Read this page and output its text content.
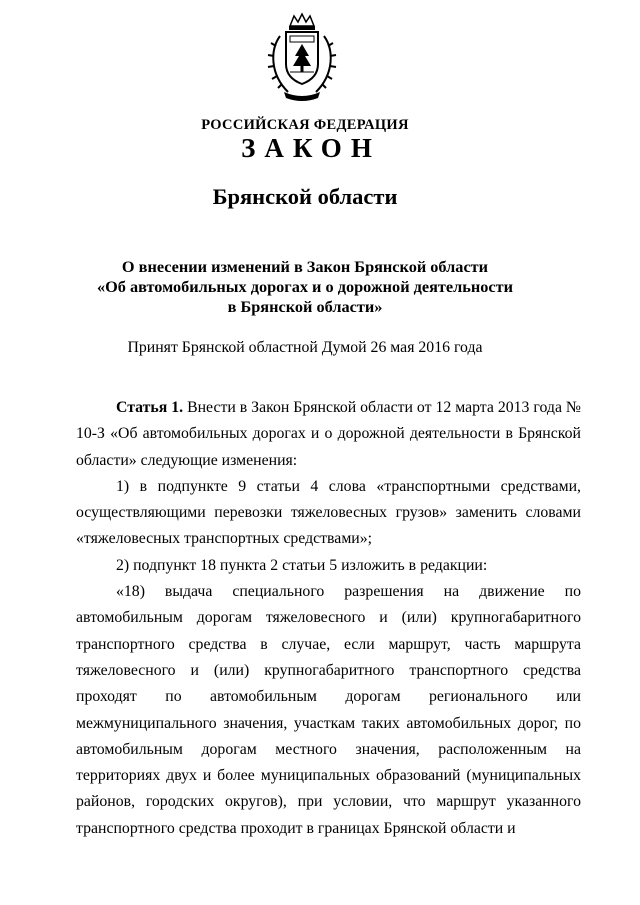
РОССИЙСКАЯ ФЕДЕРАЦИЯ
ЗАКОН
Брянской области
О внесении изменений в Закон Брянской области
«Об автомобильных дорогах и о дорожной деятельности
в Брянской области»
Принят Брянской областной Думой 26 мая 2016 года

Статья 1. Внести в Закон Брянской области от 12 марта 2013 года № 10-З «Об автомобильных дорогах и о дорожной деятельности в Брянской области» следующие изменения:

1) в подпункте 9 статьи 4 слова «транспортными средствами, осуществляющими перевозки тяжеловесных грузов» заменить словами «тяжеловесных транспортных средствами»;

2) подпункт 18 пункта 2 статьи 5 изложить в редакции:

«18) выдача специального разрешения на движение по автомобильным дорогам тяжеловесного и (или) крупногабаритного транспортного средства в случае, если маршрут, часть маршрута тяжеловесного и (или) крупногабаритного транспортного средства проходят по автомобильным дорогам регионального или межмуниципального значения, участкам таких автомобильных дорог, по автомобильным дорогам местного значения, расположенным на территориях двух и более муниципальных образований (муниципальных районов, городских округов), при условии, что маршрут указанного транспортного средства проходит в границах Брянской области и
